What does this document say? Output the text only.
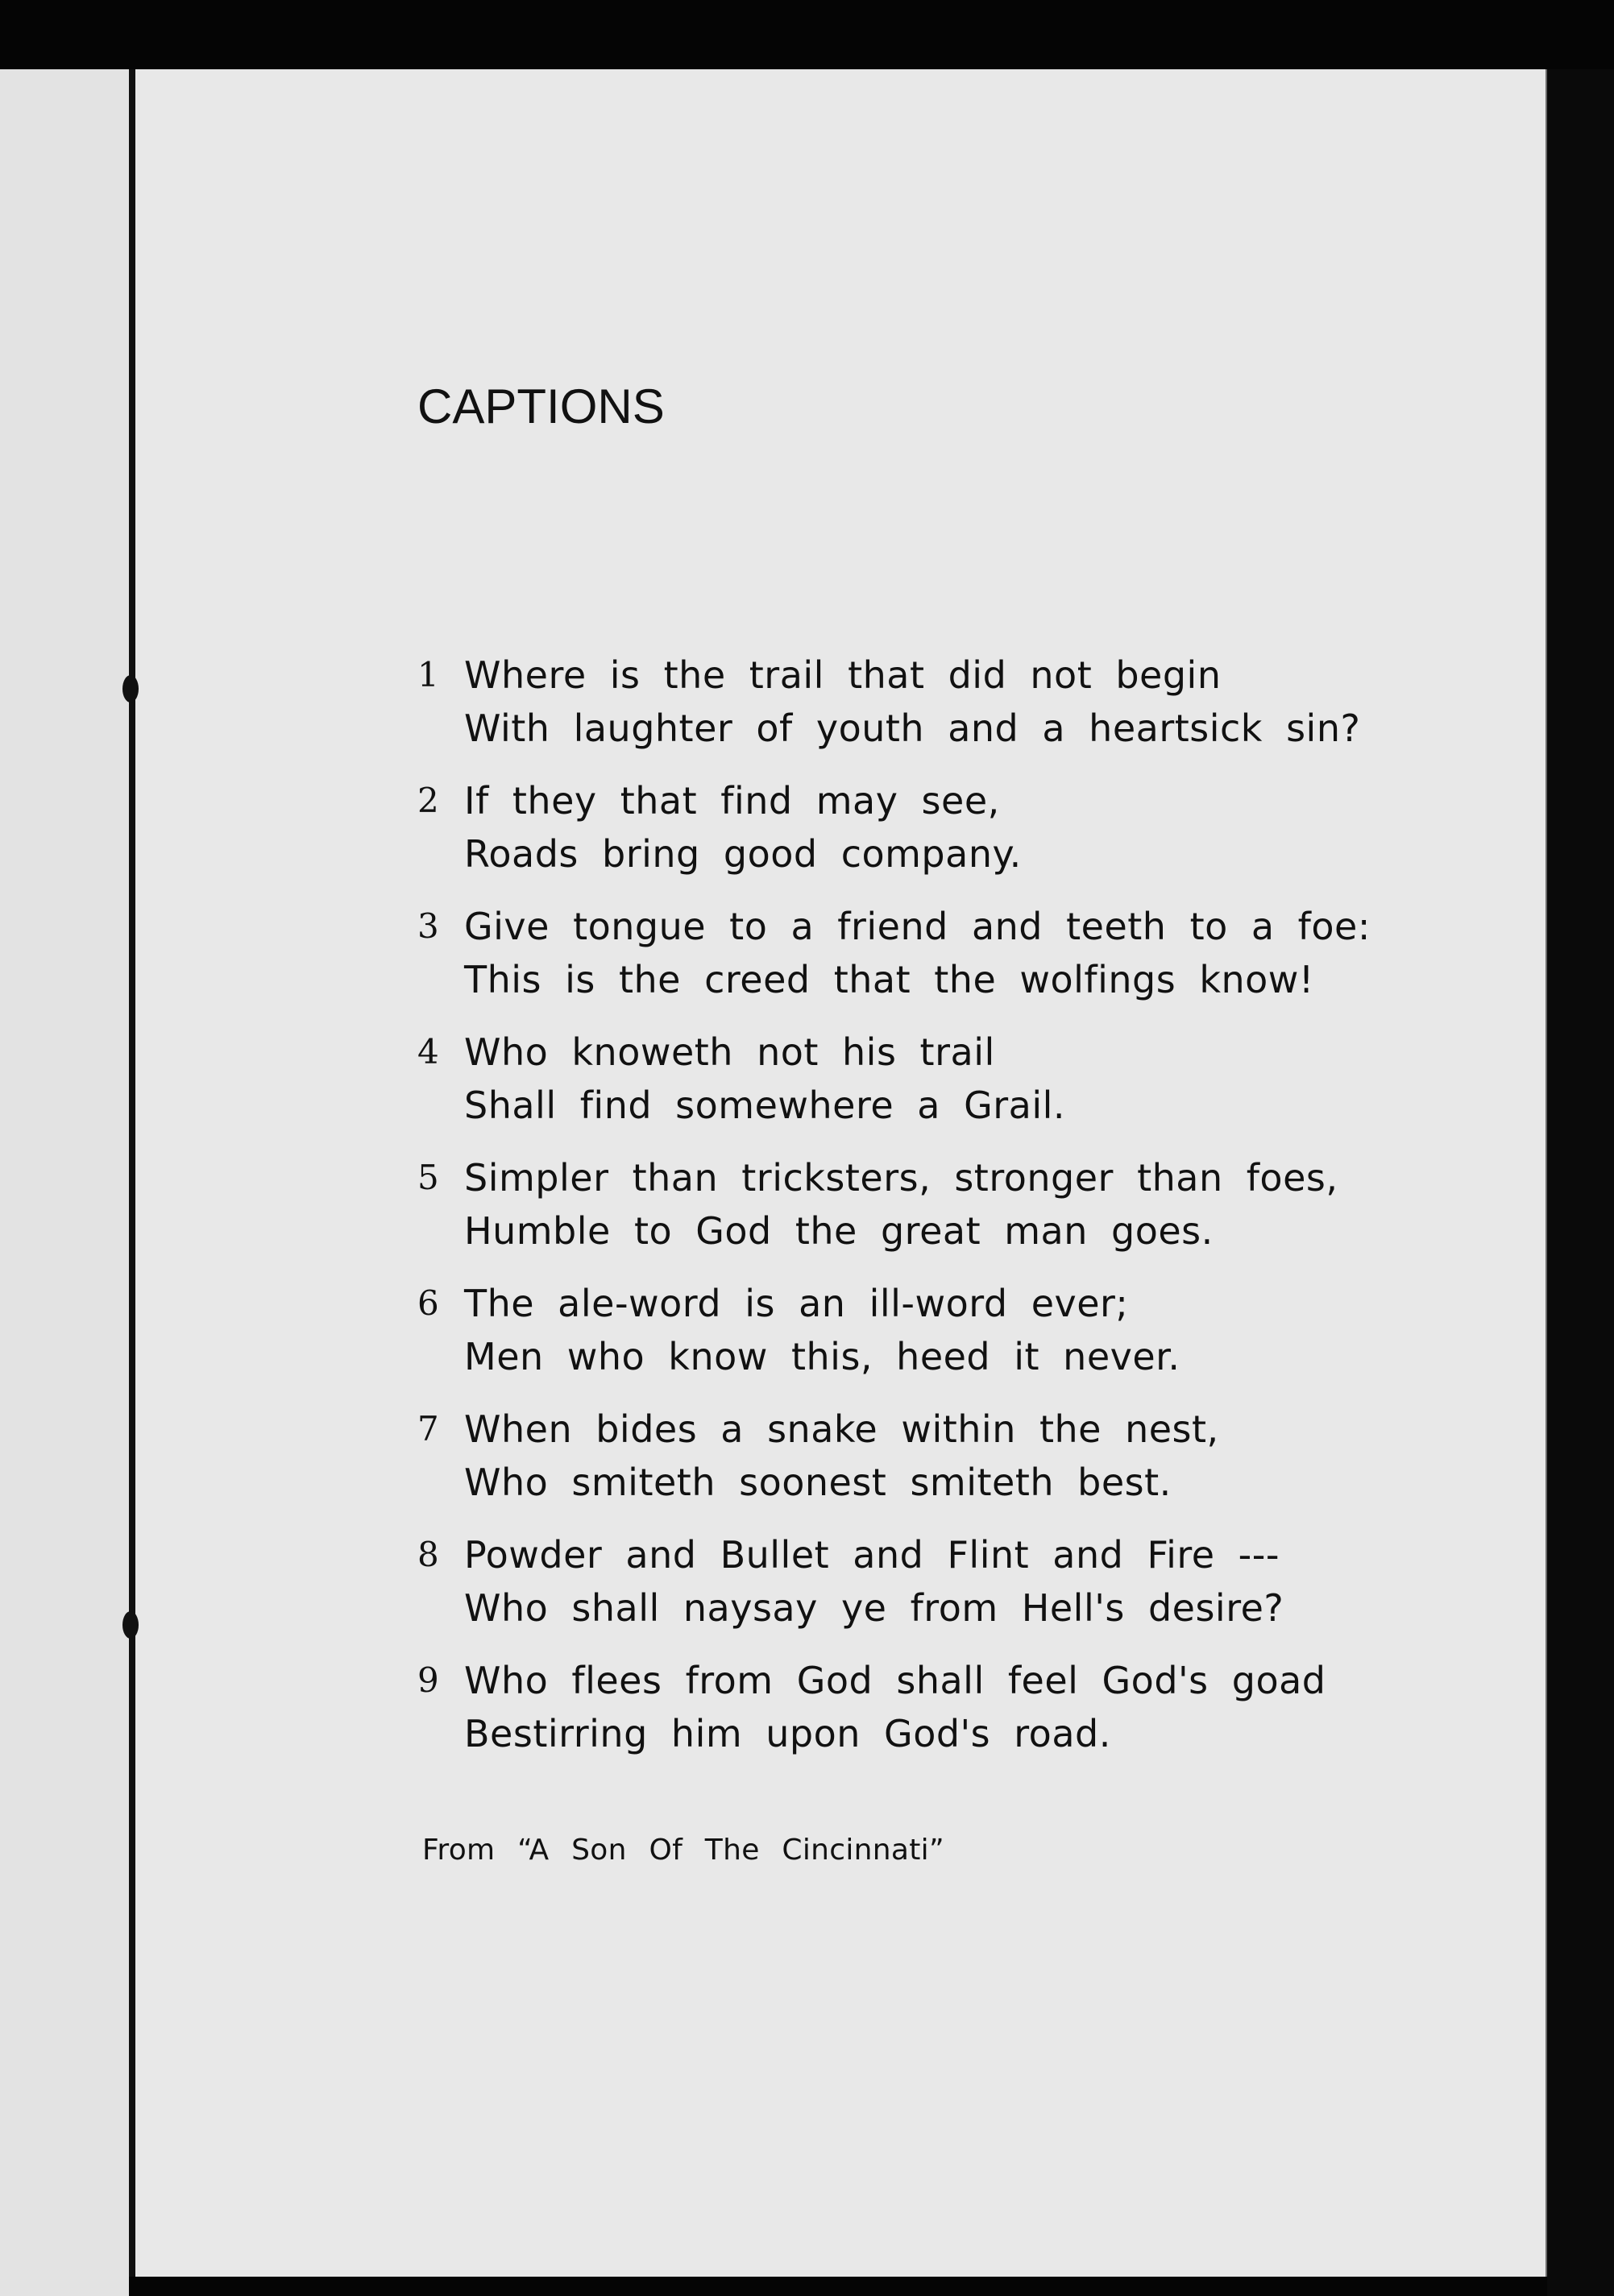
CAPTIONS
1 Where is the trail that did not begin
With laughter of youth and a heartsick sin?
2 If they that find may see,
Roads bring good company.
3 Give tongue to a friend and teeth to a foe:
This is the creed that the wolfings know!
4 Who knoweth not his trail
Shall find somewhere a Grail.
5 Simpler than tricksters, stronger than foes,
Humble to God the great man goes.
6 The ale-word is an ill-word ever;
Men who know this, heed it never.
7 When bides a snake within the nest,
Who smiteth soonest smiteth best.
8 Powder and Bullet and Flint and Fire ---
Who shall naysay ye from Hell's desire?
9 Who flees from God shall feel God's goad
Bestirring him upon God's road.

From “A Son Of The Cincinnati”
